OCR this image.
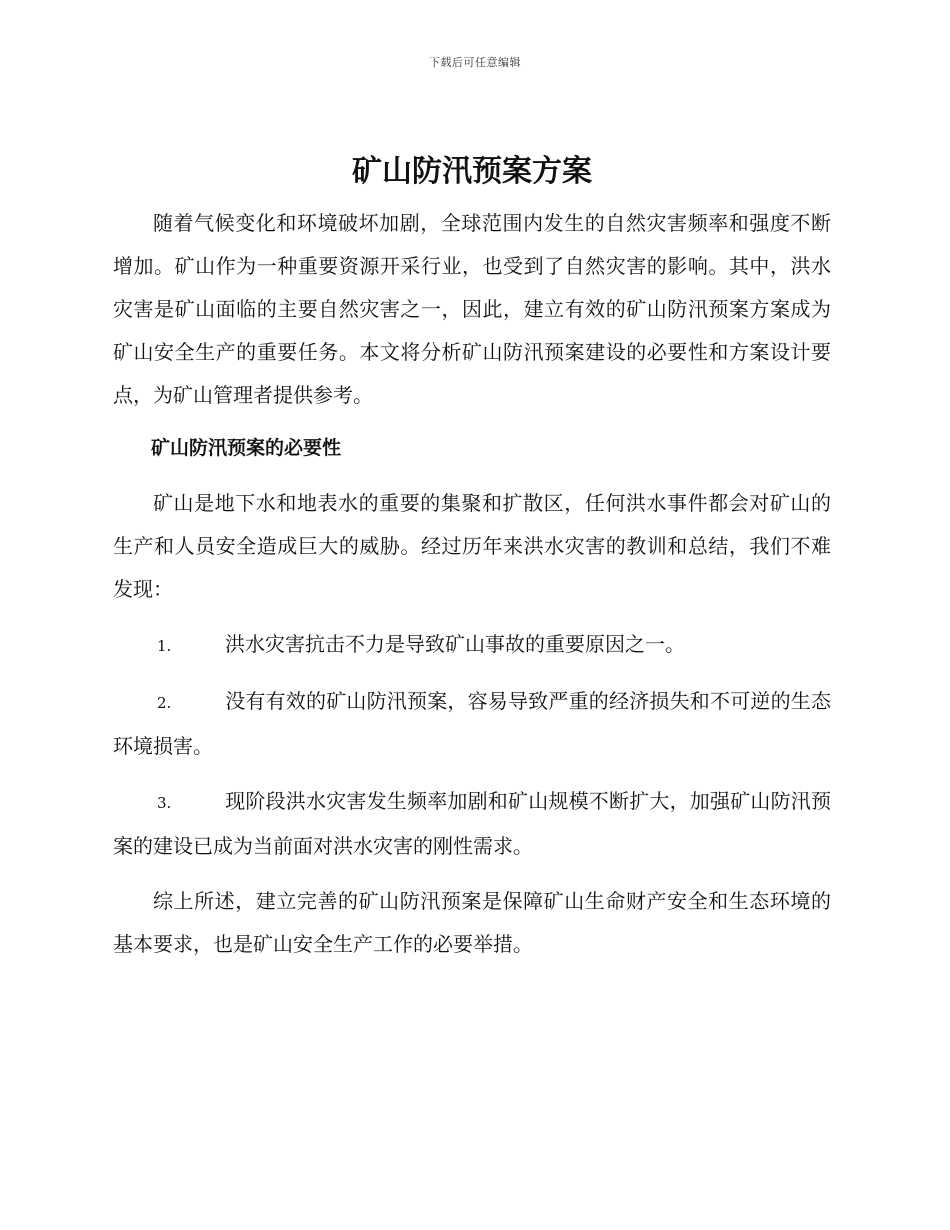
下载后可任意编辑
矿山防汛预案方案

随着气候变化和环境破坏加剧，全球范围内发生的自然灾害频率和强度不断增加。矿山作为一种重要资源开采行业，也受到了自然灾害的影响。其中，洪水灾害是矿山面临的主要自然灾害之一，因此，建立有效的矿山防汛预案方案成为矿山安全生产的重要任务。本文将分析矿山防汛预案建设的必要性和方案设计要点，为矿山管理者提供参考。

矿山防汛预案的必要性

矿山是地下水和地表水的重要的集聚和扩散区，任何洪水事件都会对矿山的生产和人员安全造成巨大的威胁。经过历年来洪水灾害的教训和总结，我们不难发现：

1.	洪水灾害抗击不力是导致矿山事故的重要原因之一。

2.	没有有效的矿山防汛预案，容易导致严重的经济损失和不可逆的生态环境损害。

3.	现阶段洪水灾害发生频率加剧和矿山规模不断扩大，加强矿山防汛预案的建设已成为当前面对洪水灾害的刚性需求。

综上所述，建立完善的矿山防汛预案是保障矿山生命财产安全和生态环境的基本要求，也是矿山安全生产工作的必要举措。
